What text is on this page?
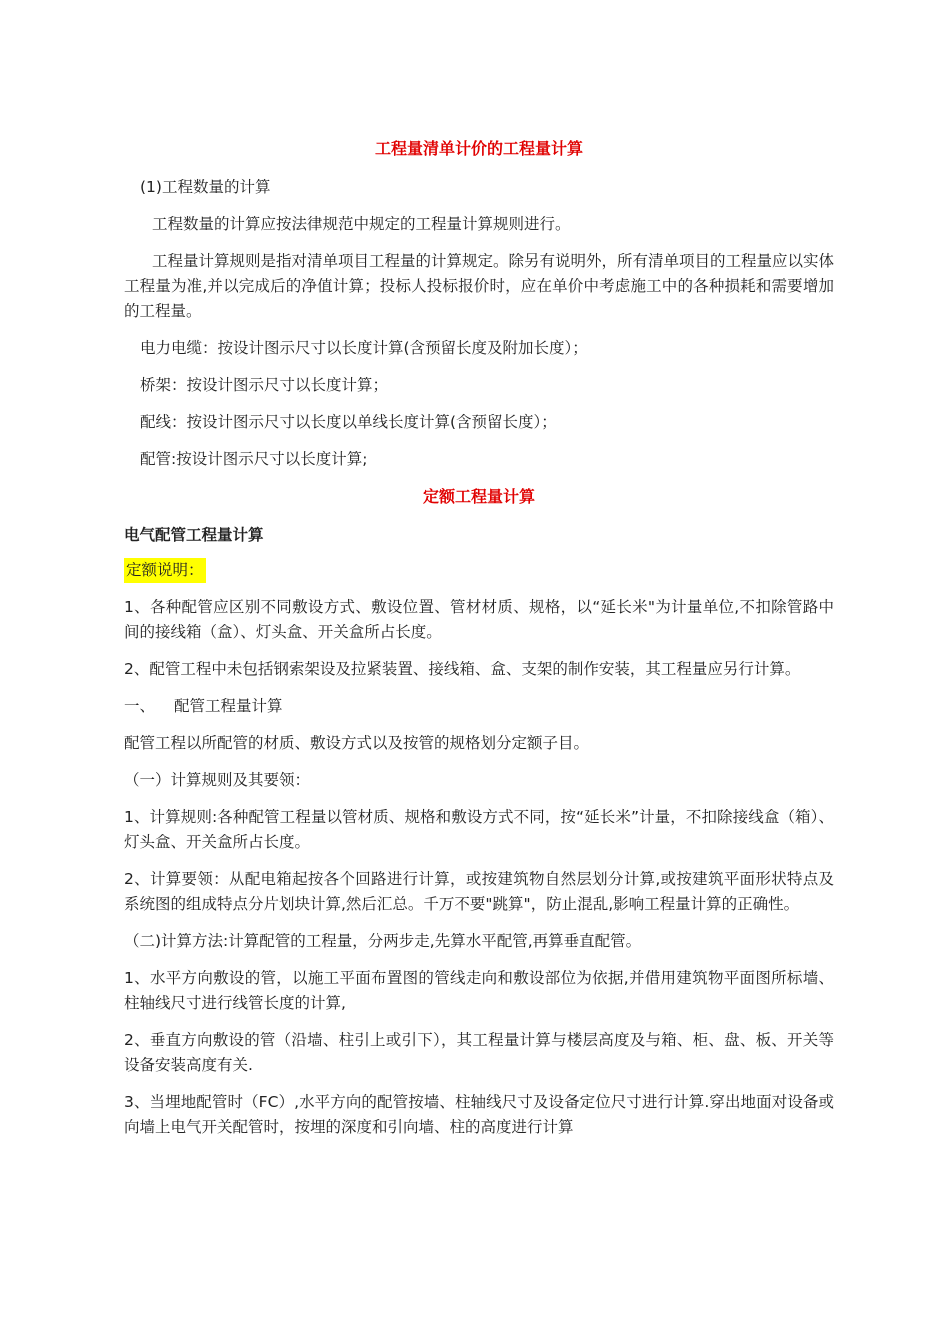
工程量清单计价的工程量计算

(1)工程数量的计算

工程数量的计算应按法律规范中规定的工程量计算规则进行。

工程量计算规则是指对清单项目工程量的计算规定。除另有说明外，所有清单项目的工程量应以实体工程量为准,并以完成后的净值计算；投标人投标报价时，应在单价中考虑施工中的各种损耗和需要增加的工程量。

电力电缆：按设计图示尺寸以长度计算(含预留长度及附加长度）；

桥架：按设计图示尺寸以长度计算；

配线：按设计图示尺寸以长度以单线长度计算(含预留长度）；

配管:按设计图示尺寸以长度计算;

定额工程量计算

电气配管工程量计算

定额说明：

1、各种配管应区别不同敷设方式、敷设位置、管材材质、规格，以“延长米"为计量单位,不扣除管路中间的接线箱（盒）、灯头盒、开关盒所占长度。

2、配管工程中未包括钢索架设及拉紧装置、接线箱、盒、支架的制作安装，其工程量应另行计算。

一、 配管工程量计算

配管工程以所配管的材质、敷设方式以及按管的规格划分定额子目。

（一）计算规则及其要领：

1、计算规则:各种配管工程量以管材质、规格和敷设方式不同，按“延长米”计量，不扣除接线盒（箱）、灯头盒、开关盒所占长度。

2、计算要领：从配电箱起按各个回路进行计算，或按建筑物自然层划分计算,或按建筑平面形状特点及系统图的组成特点分片划块计算,然后汇总。千万不要"跳算"，防止混乱,影响工程量计算的正确性。

（二)计算方法:计算配管的工程量，分两步走,先算水平配管,再算垂直配管。

1、水平方向敷设的管，以施工平面布置图的管线走向和敷设部位为依据,并借用建筑物平面图所标墙、柱轴线尺寸进行线管长度的计算,

2、垂直方向敷设的管（沿墙、柱引上或引下），其工程量计算与楼层高度及与箱、柜、盘、板、开关等设备安装高度有关.

3、当埋地配管时（FC）,水平方向的配管按墙、柱轴线尺寸及设备定位尺寸进行计算.穿出地面对设备或向墙上电气开关配管时，按埋的深度和引向墙、柱的高度进行计算
